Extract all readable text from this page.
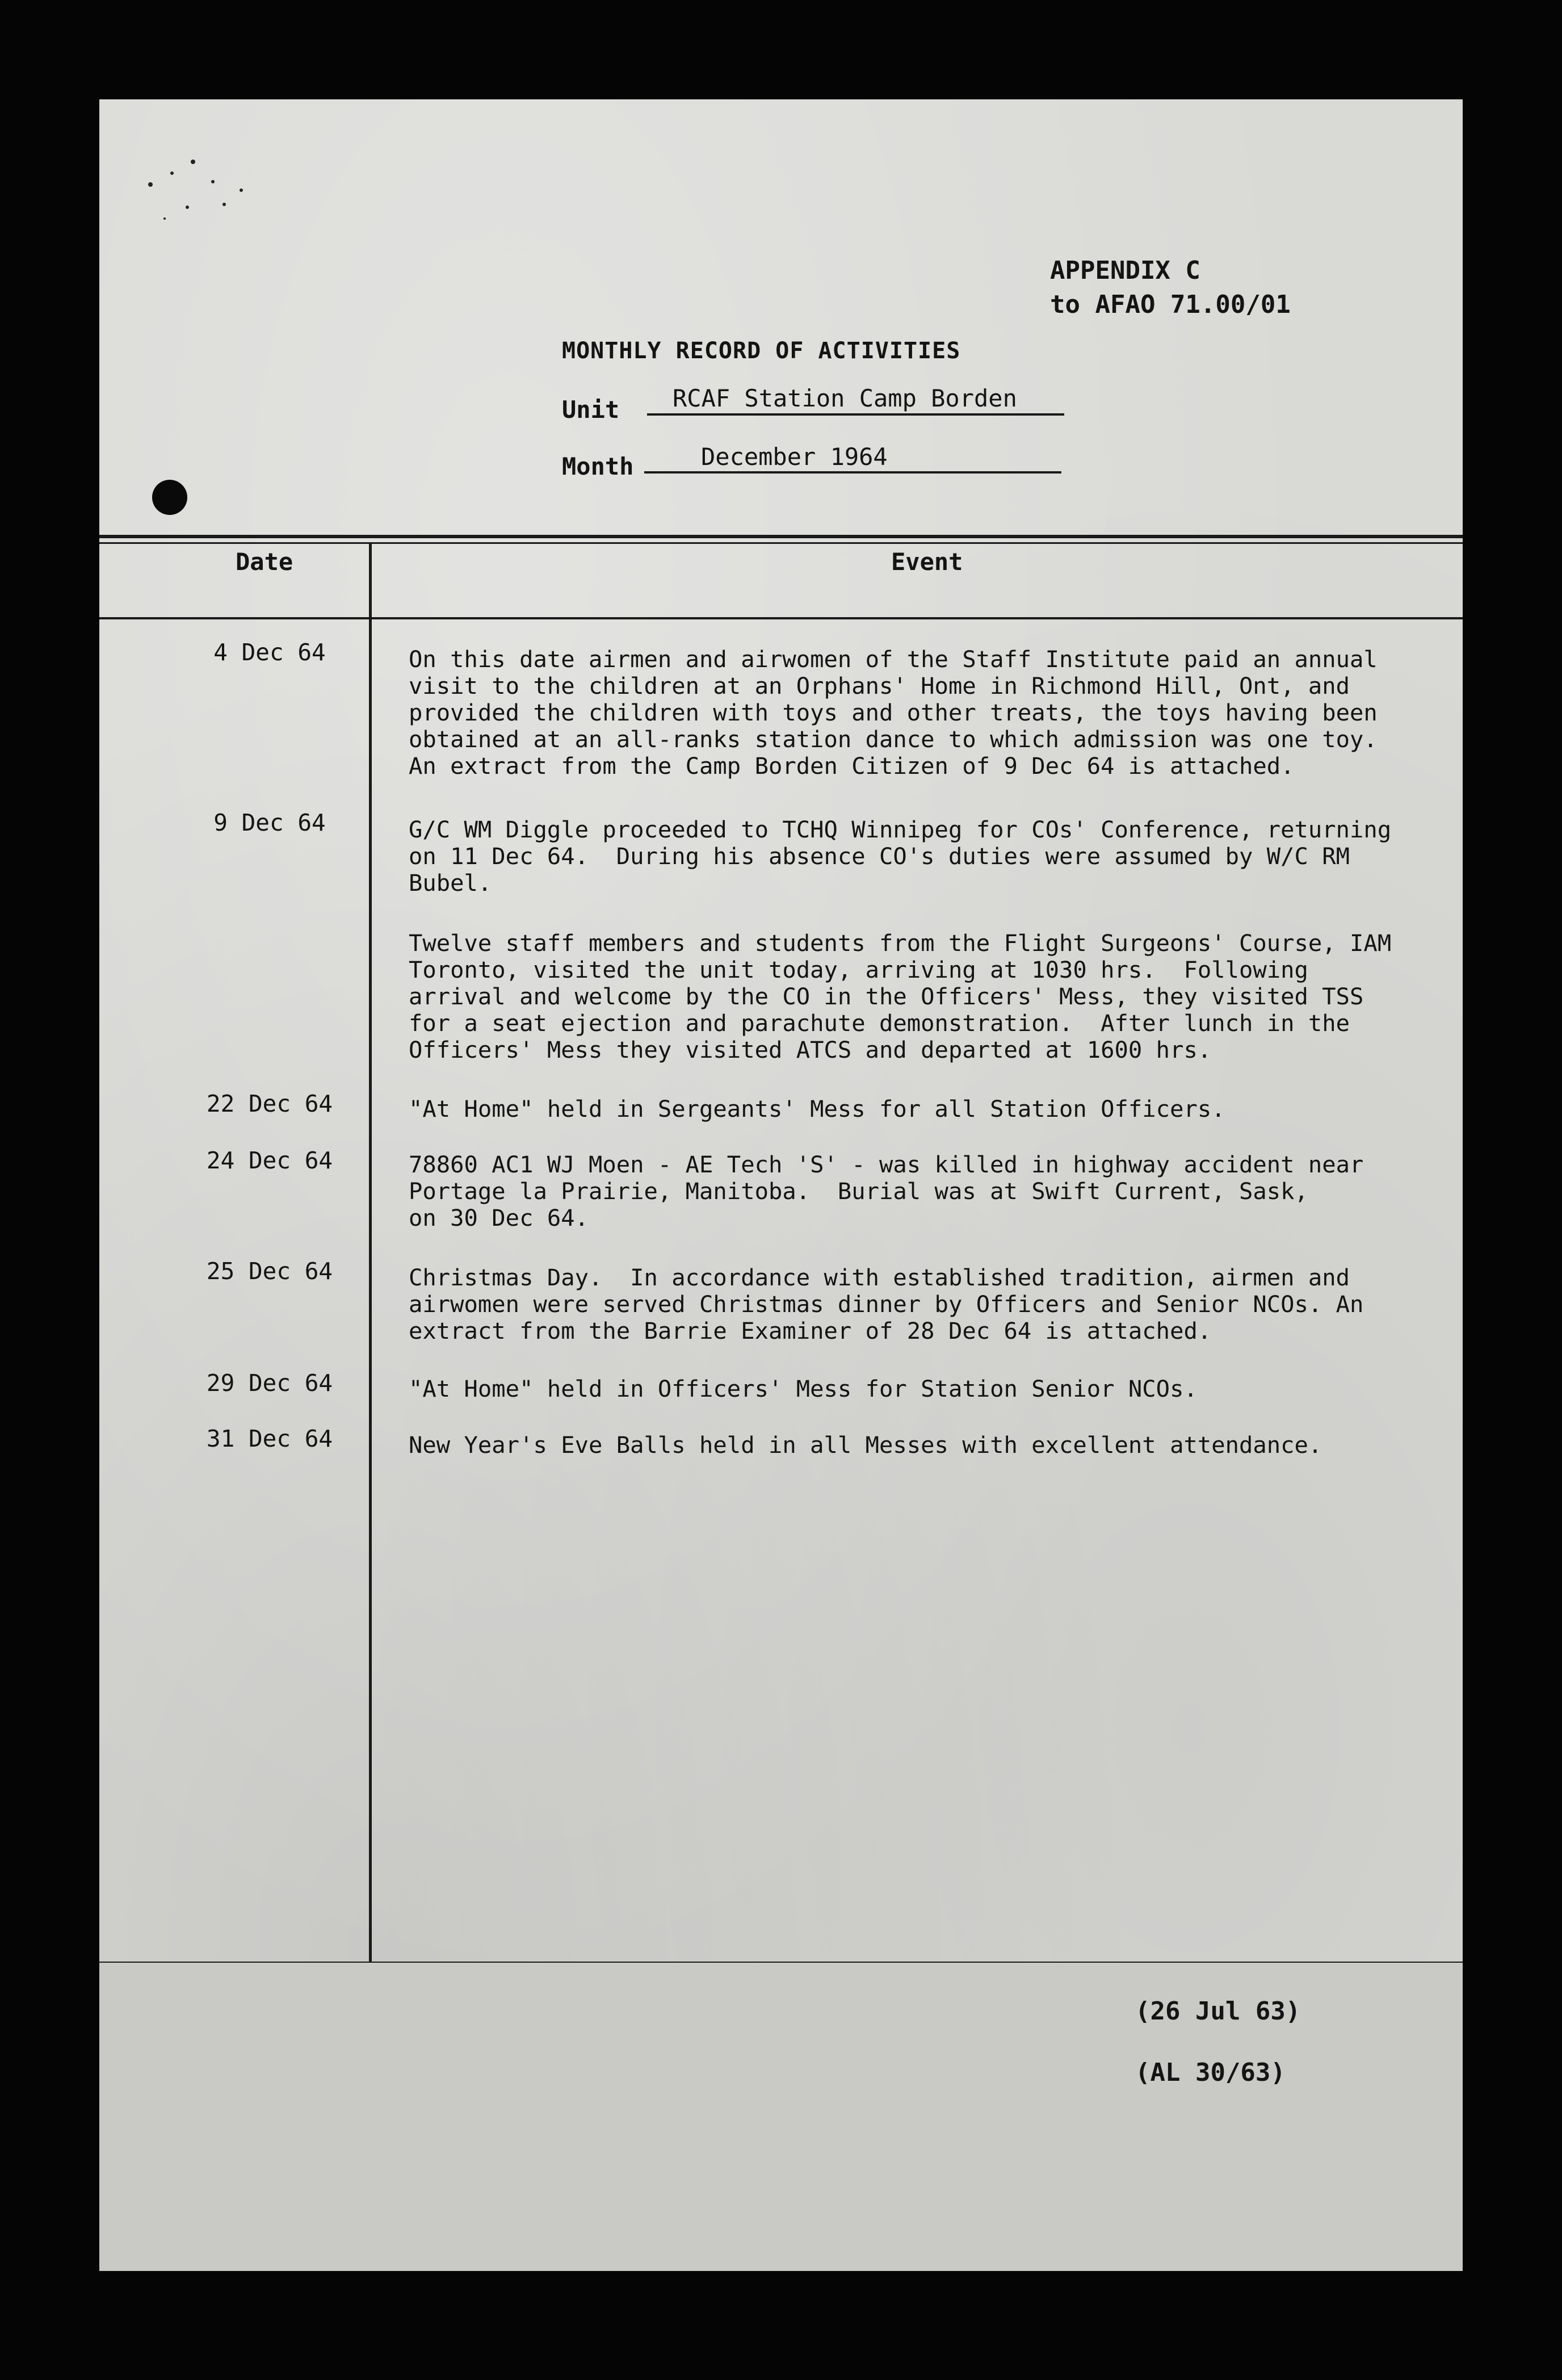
APPENDIX C
to AFAO 71.00/01
MONTHLY RECORD OF ACTIVITIES
Unit RCAF Station Camp Borden
Month	December 1964
Date	Event
4 Dec 64	On this date airmen and airwomen of the Staff Institute paid an annual
visit to the children at an Orphans' Home in Richmond Hill, Ont, and
provided the children with toys and other treats, the toys having been
obtained at an all-ranks station dance to which admission was one toy.
An extract from the Camp Borden Citizen of 9 Dec 64 is attached.
9 Dec 64	G/C WM Diggle proceeded to TCHQ Winnipeg for COs' Conference, returning
on 11 Dec 64.  During his absence CO's duties were assumed by W/C RM
Bubel.
Twelve staff members and students from the Flight Surgeons' Course, IAM
Toronto, visited the unit today, arriving at 1030 hrs.  Following
arrival and welcome by the CO in the Officers' Mess, they visited TSS
for a seat ejection and parachute demonstration.  After lunch in the
Officers' Mess they visited ATCS and departed at 1600 hrs.
22 Dec 64	"At Home" held in Sergeants' Mess for all Station Officers.
24 Dec 64	78860 AC1 WJ Moen - AE Tech 'S' - was killed in highway accident near
Portage la Prairie, Manitoba.  Burial was at Swift Current, Sask,
on 30 Dec 64.
25 Dec 64	Christmas Day.  In accordance with established tradition, airmen and
airwomen were served Christmas dinner by Officers and Senior NCOs. An
extract from the Barrie Examiner of 28 Dec 64 is attached.
29 Dec 64	"At Home" held in Officers' Mess for Station Senior NCOs.
31 Dec 64	New Year's Eve Balls held in all Messes with excellent attendance.
(26 Jul 63)
(AL 30/63)
